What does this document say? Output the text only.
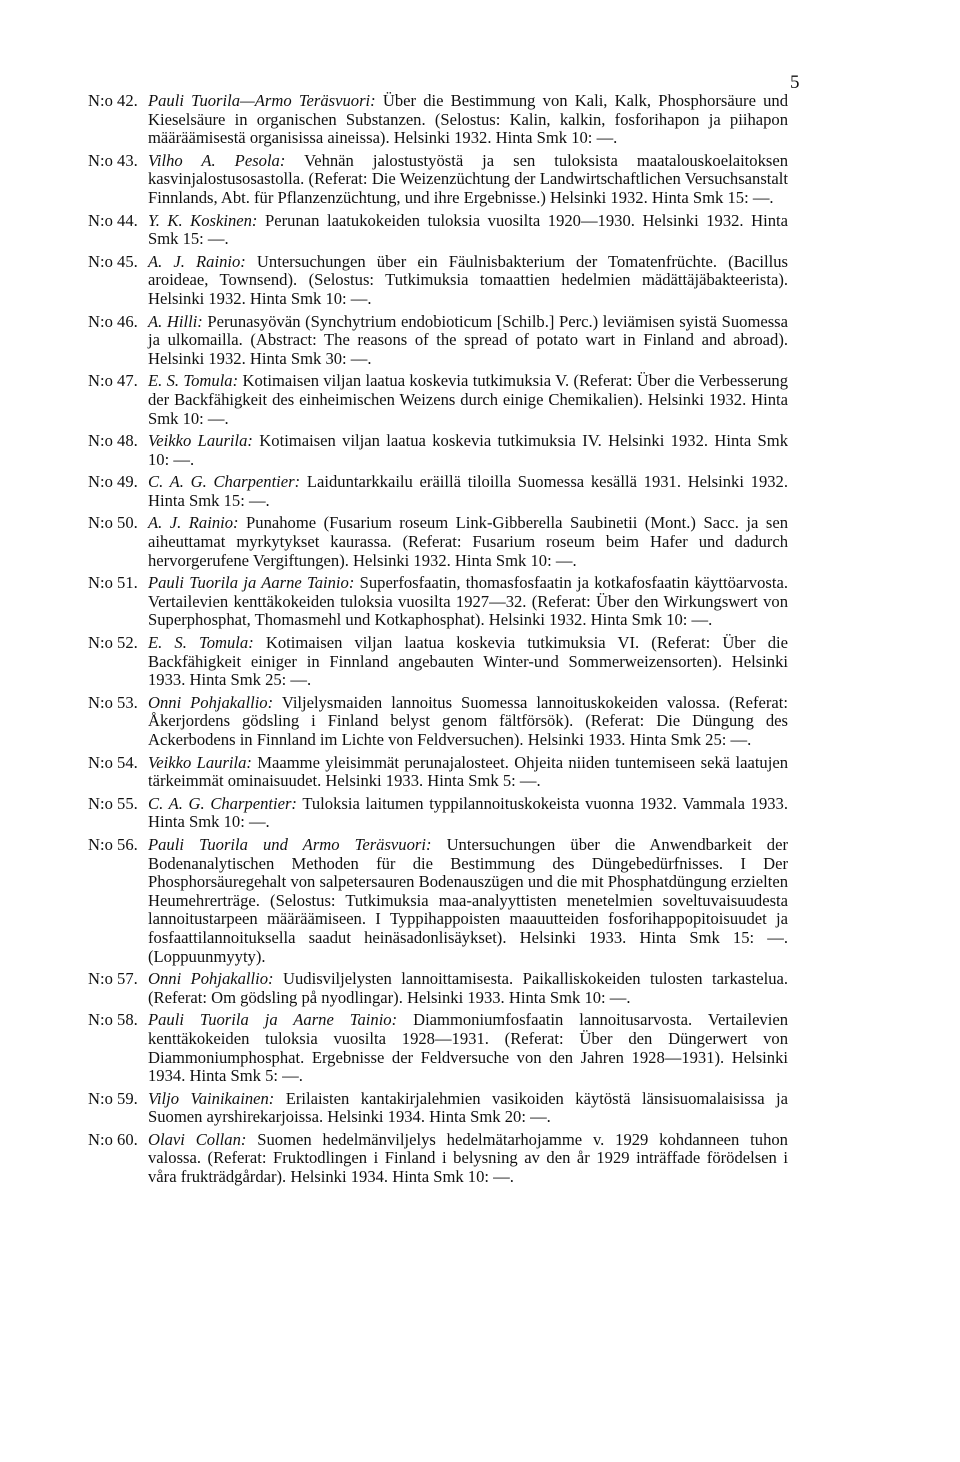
5
N:o 42. Pauli Tuorila—Armo Teräsvuori: Über die Bestimmung von Kali, Kalk, Phosphorsäure und Kieselsäure in organischen Substanzen. (Selostus: Kalin, kalkin, fosforihapon ja piihapon määräämisestä organisissa aineissa). Helsinki 1932. Hinta Smk 10: —.
N:o 43. Vilho A. Pesola: Vehnän jalostustyöstä ja sen tuloksista maatalouskoelaitoksen kasvinjalostusosastolla. (Referat: Die Weizenzüchtung der Landwirtschaftlichen Versuchsanstalt Finnlands, Abt. für Pflanzenzüchtung, und ihre Ergebnisse.) Helsinki 1932. Hinta Smk 15: —.
N:o 44. Y. K. Koskinen: Perunan laatukokeiden tuloksia vuosilta 1920—1930. Helsinki 1932. Hinta Smk 15: —.
N:o 45. A. J. Rainio: Untersuchungen über ein Fäulnisbakterium der Tomatenfrüchte. (Bacillus aroideae, Townsend). (Selostus: Tutkimuksia tomaattien hedelmien mädättäjäbakteerista). Helsinki 1932. Hinta Smk 10: —.
N:o 46. A. Hilli: Perunasyövän (Synchytrium endobioticum [Schilb.] Perc.) leviämisen syistä Suomessa ja ulkomailla. (Abstract: The reasons of the spread of potato wart in Finland and abroad). Helsinki 1932. Hinta Smk 30: —.
N:o 47. E. S. Tomula: Kotimaisen viljan laatua koskevia tutkimuksia V. (Referat: Über die Verbesserung der Backfähigkeit des einheimischen Weizens durch einige Chemikalien). Helsinki 1932. Hinta Smk 10: —.
N:o 48. Veikko Laurila: Kotimaisen viljan laatua koskevia tutkimuksia IV. Helsinki 1932. Hinta Smk 10: —.
N:o 49. C. A. G. Charpentier: Laiduntarkkailu eräillä tiloilla Suomessa kesällä 1931. Helsinki 1932. Hinta Smk 15: —.
N:o 50. A. J. Rainio: Punahome (Fusarium roseum Link-Gibberella Saubinetii (Mont.) Sacc. ja sen aiheuttamat myrkytykset kaurassa. (Referat: Fusarium roseum beim Hafer und dadurch hervorgerufene Vergiftungen). Helsinki 1932. Hinta Smk 10: —.
N:o 51. Pauli Tuorila ja Aarne Tainio: Superfosfaatin, thomasfosfaatin ja kotkafosfaatin käyttöarvosta. Vertailevien kenttäkokeiden tuloksia vuosilta 1927—32. (Referat: Über den Wirkungswert von Superphosphat, Thomasmehl und Kotkaphosphat). Helsinki 1932. Hinta Smk 10: —.
N:o 52. E. S. Tomula: Kotimaisen viljan laatua koskevia tutkimuksia VI. (Referat: Über die Backfähigkeit einiger in Finnland angebauten Winter-und Sommerweizensorten). Helsinki 1933. Hinta Smk 25: —.
N:o 53. Onni Pohjakallio: Viljelysmaiden lannoitus Suomessa lannoituskokeiden valossa. (Referat: Åkerjordens gödsling i Finland belyst genom fältförsök). (Referat: Die Düngung des Ackerbodens in Finnland im Lichte von Feldversuchen). Helsinki 1933. Hinta Smk 25: —.
N:o 54. Veikko Laurila: Maamme yleisimmät perunajalosteet. Ohjeita niiden tuntemiseen sekä laatujen tärkeimmät ominaisuudet. Helsinki 1933. Hinta Smk 5: —.
N:o 55. C. A. G. Charpentier: Tuloksia laitumen typpilannoituskokeista vuonna 1932. Vammala 1933. Hinta Smk 10: —.
N:o 56. Pauli Tuorila und Armo Teräsvuori: Untersuchungen über die Anwendbarkeit der Bodenanalytischen Methoden für die Bestimmung des Düngebedürfnisses. I Der Phosphorsäuregehalt von salpetersauren Bodenauszügen und die mit Phosphatdüngung erzielten Heumehrerträge. (Selostus: Tutkimuksia maa-analyyttisten menetelmien soveltuvaisuudesta lannoitustarpeen määräämiseen. I Typpihappoisten maauutteiden fosforihappopitoisuudet ja fosfaattilannoituksella saadut heinäsadonlisäykset). Helsinki 1933. Hinta Smk 15: —. (Loppuunmyyty).
N:o 57. Onni Pohjakallio: Uudisviljelysten lannoittamisesta. Paikalliskokeiden tulosten tarkastelua. (Referat: Om gödsling på nyodlingar). Helsinki 1933. Hinta Smk 10: —.
N:o 58. Pauli Tuorila ja Aarne Tainio: Diammoniumfosfaatin lannoitusarvosta. Vertailevien kenttäkokeiden tuloksia vuosilta 1928—1931. (Referat: Über den Düngerwert von Diammoniumphosphat. Ergebnisse der Feldversuche von den Jahren 1928—1931). Helsinki 1934. Hinta Smk 5: —.
N:o 59. Viljo Vainikainen: Erilaisten kantakirjalehmien vasikoiden käytöstä länsisuomalaisissa ja Suomen ayrshirekarjoissa. Helsinki 1934. Hinta Smk 20: —.
N:o 60. Olavi Collan: Suomen hedelmänviljelys hedelmätarhojamme v. 1929 kohdanneen tuhon valossa. (Referat: Fruktodlingen i Finland i belysning av den år 1929 inträffade förödelsen i våra frukträdgårdar). Helsinki 1934. Hinta Smk 10: —.
